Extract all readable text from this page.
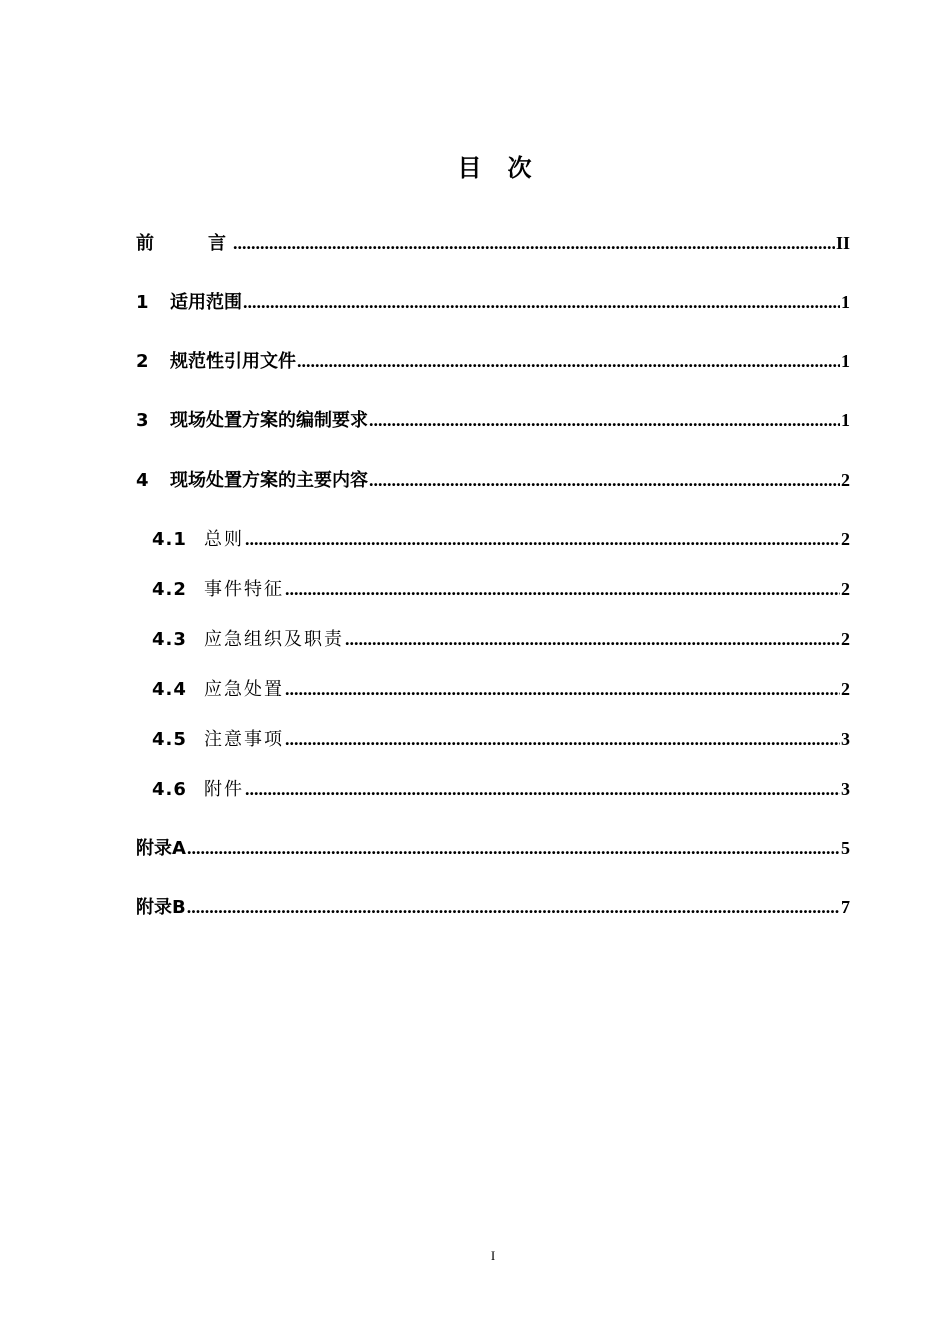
目　次
前　　言 .....	II
1	适用范围 .....	1
2	规范性引用文件 .....	1
3	现场处置方案的编制要求 .....	1
4	现场处置方案的主要内容 .....	2
4.1 总则 .....	2
4.2 事件特征 .....	2
4.3 应急组织及职责 .....	2
4.4 应急处置 .....	2
4.5 注意事项 .....	3
4.6 附件 .....	3
附录A .....	5
附录B .....	7
I
